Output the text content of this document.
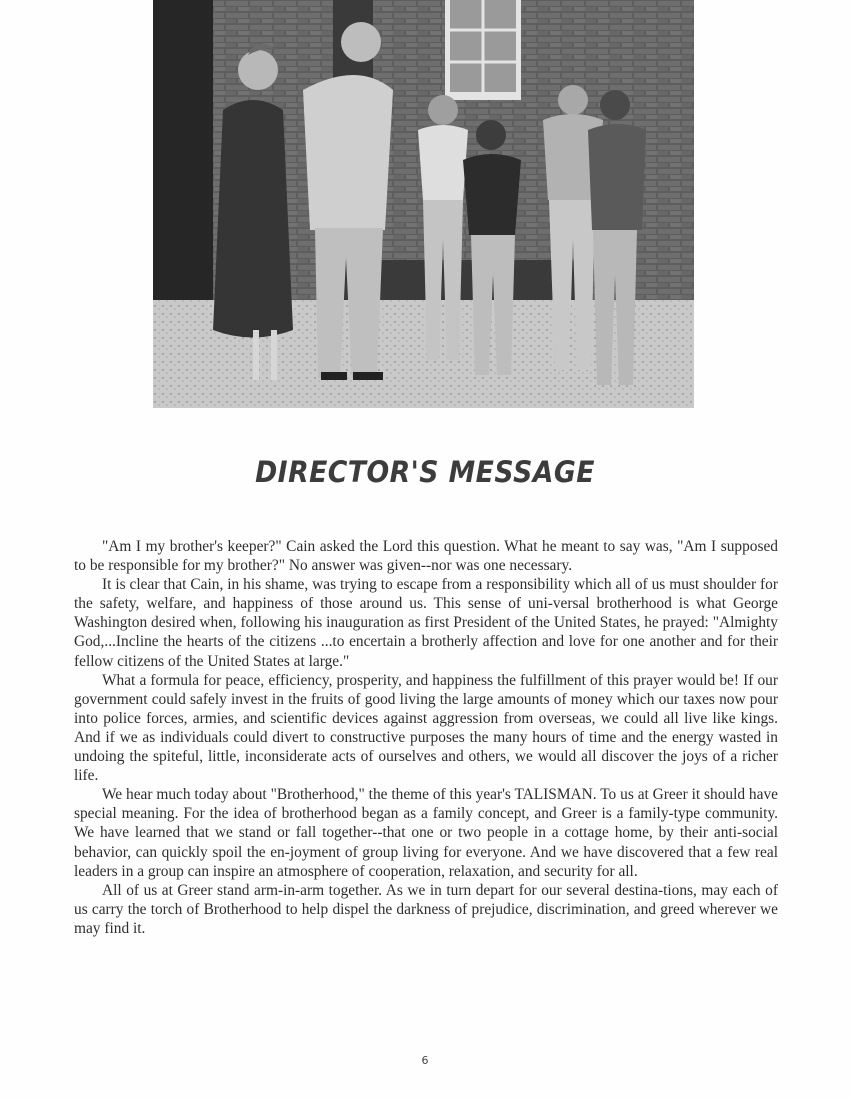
DIRECTOR'S MESSAGE

"Am I my brother's keeper?" Cain asked the Lord this question. What he meant to say was, "Am I supposed to be responsible for my brother?" No answer was given--nor was one necessary.

It is clear that Cain, in his shame, was trying to escape from a responsibility which all of us must shoulder for the safety, welfare, and happiness of those around us. This sense of uni-versal brotherhood is what George Washington desired when, following his inauguration as first President of the United States, he prayed: "Almighty God,...Incline the hearts of the citizens ...to encertain a brotherly affection and love for one another and for their fellow citizens of the United States at large."

What a formula for peace, efficiency, prosperity, and happiness the fulfillment of this prayer would be! If our government could safely invest in the fruits of good living the large amounts of money which our taxes now pour into police forces, armies, and scientific devices against aggression from overseas, we could all live like kings. And if we as individuals could divert to constructive purposes the many hours of time and the energy wasted in undoing the spiteful, little, inconsiderate acts of ourselves and others, we would all discover the joys of a richer life.

We hear much today about "Brotherhood," the theme of this year's TALISMAN. To us at Greer it should have special meaning. For the idea of brotherhood began as a family concept, and Greer is a family-type community. We have learned that we stand or fall together--that one or two people in a cottage home, by their anti-social behavior, can quickly spoil the en-joyment of group living for everyone. And we have discovered that a few real leaders in a group can inspire an atmosphere of cooperation, relaxation, and security for all.

All of us at Greer stand arm-in-arm together. As we in turn depart for our several destina-tions, may each of us carry the torch of Brotherhood to help dispel the darkness of prejudice, discrimination, and greed wherever we may find it.

6
